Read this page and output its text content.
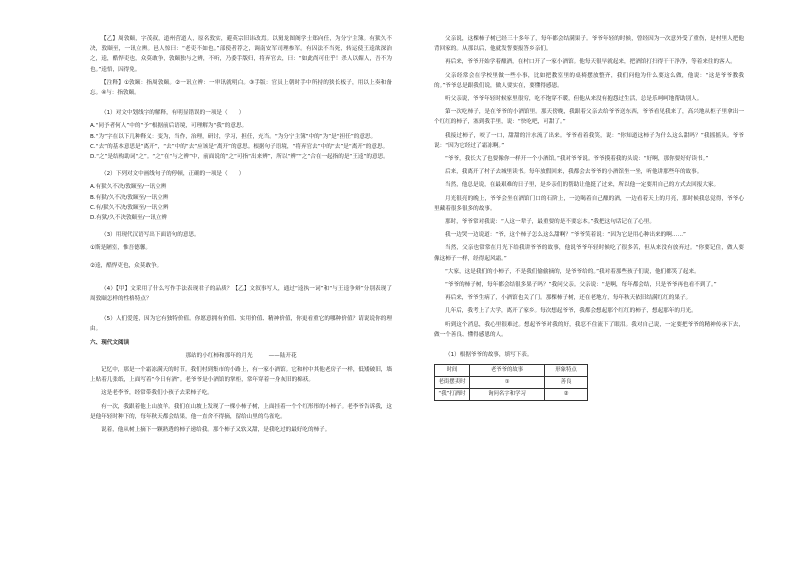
【乙】周敦颐，字茂叔，道州营道人，原名敦实，避英宗旧讳改焉。以舅龙图阁学士郑向任，为分宁主簿。有狱久不决，敦颐至，一讯立辨。邑人惊曰：“老吏不如也。”部使者荐之，调南安军司理参军。有囚法不当死，转运使王逵欲深治之，逵，酷悍吏也，众莫敢争，敦颐独与之辨，不听，乃委手版归，将弃官去，曰：“如此尚可仕乎！杀人以媚人，吾不为也。”逵悟，囚得免。

【注释】①敦颐：指周敦颐。②一讯立辨：一审讯就明白。③手版：官员上朝时手中所持的狭长板子，用以上奏和备忘。④与：指敦颐。

（1）对文中划线字的解释，有明显错误的一项是（　　）

A.“同予者何人”中的“予”根据前后语境，可理解为“我”的意思。
B.“为”字在以下几种释义：变为，当作，治理，研讨，学习，担任，充当。“为分宁主簿”中的“为”是“担任”的意思。
C.“去”的基本意思是“离开”，“去”中的“去”应该是“离开”的意思。根据句子语境，“将弃官去”中的“去”是“离开”的意思。
D.“之”是结构助词“之”。“之”在“与之辨”中，前面说的“之”可指“出来辨”，所以“辨”“之”合在一起指的是“王逵”的意思。

（2）下列对文中画线句子的停顿，正确的一项是（　　）

A.有狱久不决/敦颐至/一讯立辨
B.有狱/久不决/敦颐至/一讯立辨
C.有/狱久不决/敦颐至/一讯立辨
D.有狱/久不决敦颐至/一讯立辨

（3）用现代汉语写出下面语句的意思。

①斯是陋室，惟吾德馨。
②逵，酷悍吏也，众莫敢争。

（4）【甲】文采用了什么写作手法表现君子的品质？【乙】文叙事写人，通过“逵执一词”和“与王逵争辩”分别表现了周敦颐怎样的性格特点？

（5）人们爱莲，因为它有独特价值。你愿意拥有价值、实用价值、精神价值，你更看重它的哪种价值？请说说你的理由。

六、现代文阅读
那站的小红柿和那年的月光	——陆开花

记忆中，那是一个霜冻满天的时节。我们村到集市的小路上，有一家小酒馆。它和村中其他老房子一样，低矮破旧，墙上贴着几张纸，上面写着“今日有酒”。老爷爷是小酒馆的掌柜，常年穿着一身灰旧的棉袄。

这是老李爷，经常带我们小孩子去采柿子吃。

有一次，我跟着他上山放羊。我们在山坡上发现了一棵小柿子树，上面挂着一个个红彤彤的小柿子。老李爷告诉我，这是他年轻时种下的，每年秋天都会结果，他一直舍不得摘，留给山里的鸟雀吃。

说着，他从树上摘下一颗熟透的柿子递给我。那个柿子又软又甜，是我吃过的最好吃的柿子。

父亲说，这棵柿子树已经三十多年了，每年都会结满果子。爷爷年轻的时候，曾经因为一次意外受了重伤，是村里人把他背回家的。从那以后，他就发誓要报答乡亲们。

再后来，爷爷开始学着酿酒，在村口开了一家小酒馆。他每天很早就起来，把酒馆打扫得干干净净，等着来往的客人。

父亲经常会在学校里做一些小事，比如把教室里的桌椅摆放整齐，我们问他为什么要这么做，他说：“这是爷爷教我的。”爷爷总是跟我们说，做人要实在，要懂得感恩。

听父亲说，爷爷年轻时候家里很穷，吃不饱穿不暖，但他从来没有抱怨过生活，总是乐呵呵地帮助别人。

第一次吃柿子，是在爷爷的小酒馆里。那天傍晚，我跟着父亲去给爷爷送东西，爷爷看见我来了，高兴地从柜子里拿出一个红红的柿子，塞到我手里，说：“快吃吧，可甜了。”

我接过柿子，咬了一口，甜甜的汁水流了出来。爷爷看着我笑，说：“你知道这柿子为什么这么甜吗？”我摇摇头。爷爷说：“因为它经过了霜冻啊。”

“爷爷，我长大了也要像你一样开一个小酒馆。”我对爷爷说。爷爷摸着我的头说：“好啊，那你要好好读书。”

后来，我离开了村子去城里读书。每年放假回来，我都会去爷爷的小酒馆坐一坐，听他讲那些年的故事。

当然，他总是说，在最艰难的日子里，是乡亲们的帮助让他挺了过来，所以他一定要用自己的方式去回报大家。

月光很亮的晚上，爷爷会坐在酒馆门口的石阶上，一边喝着自己酿的酒，一边看着天上的月亮，那时候我总觉得，爷爷心里藏着很多很多的故事。

那时，爷爷常对我说：“人这一辈子，最重要的是不要忘本。”我把这句话记在了心里。

我一边哭一边说道：“爷，这个柿子怎么这么甜啊？”爷爷笑着说：“因为它是用心种出来的啊……”

当然，父亲也常常在月光下给我讲爷爷的故事，他说爷爷年轻时候吃了很多苦，但从来没有放弃过。“你要记住，做人要像这柿子一样，经得起风霜。”

“大家，这是我们的小柿子，不是我们偷偷摘的，是爷爷给的。”我对着那些孩子们说，他们都笑了起来。

“爷爷的柿子树，每年都会结很多果子吗？”我问父亲。父亲说：“是啊，每年都会结，只是爷爷再也看不到了。”

再后来，爷爷生病了，小酒馆也关了门。那棵柿子树，还在老地方，每年秋天依旧结满红红的果子。

几年后，我考上了大学，离开了家乡。每次想起爷爷，我都会想起那个红红的柿子，想起那年的月光。

听到这个消息，我心里很难过。想起爷爷对我的好，我忍不住流下了眼泪。我对自己说，一定要把爷爷的精神传承下去，做一个善良、懂得感恩的人。

（1）根据爷爷的故事，填写下表。

时间	老爷爷的故事	形象特点
老街摆卖时	①	善良
“我”打酒时	询问名字和学习	②
